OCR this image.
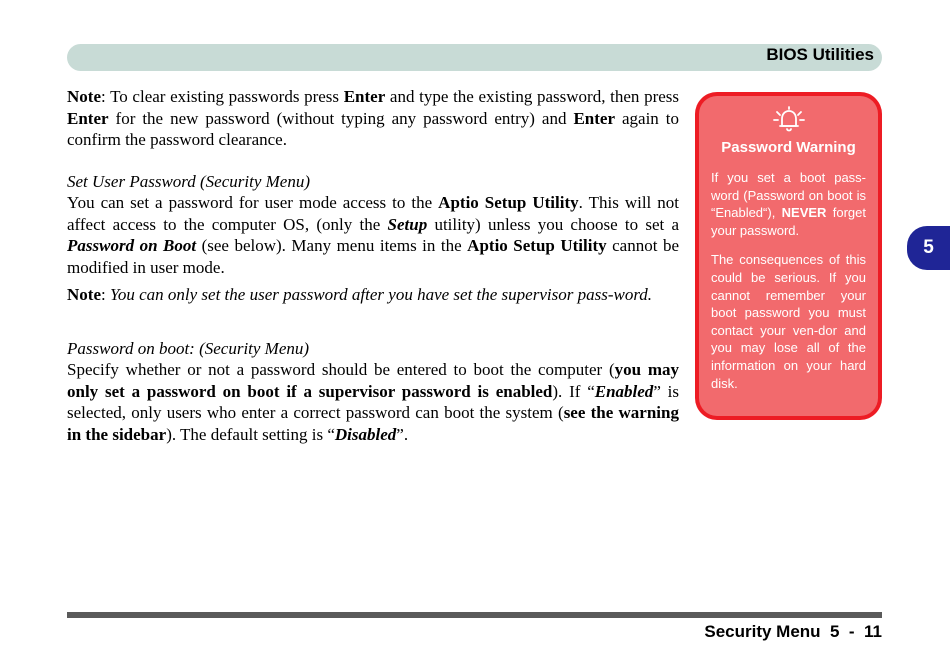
BIOS Utilities
5

Note: To clear existing passwords press Enter and type the existing password, then press Enter for the new password (without typing any password entry) and Enter again to confirm the password clearance.

Set User Password (Security Menu)

You can set a password for user mode access to the Aptio Setup Utility. This will not affect access to the computer OS, (only the Setup utility) unless you choose to set a Password on Boot (see below). Many menu items in the Aptio Setup Utility cannot be modified in user mode.

Note: You can only set the user password after you have set the supervisor pass-word.

Password on boot: (Security Menu)

Specify whether or not a password should be entered to boot the computer (you may only set a password on boot if a supervisor password is enabled). If “Enabled” is selected, only users who enter a correct password can boot the system (see the warning in the sidebar). The default setting is “Disabled”.

Password Warning

If you set a boot pass-word (Password on boot is “Enabled“), NEVER forget your password.

The consequences of this could be serious. If you cannot remember your boot password you must contact your ven-dor and you may lose all of the information on your hard disk.

Security Menu  5  -  11
